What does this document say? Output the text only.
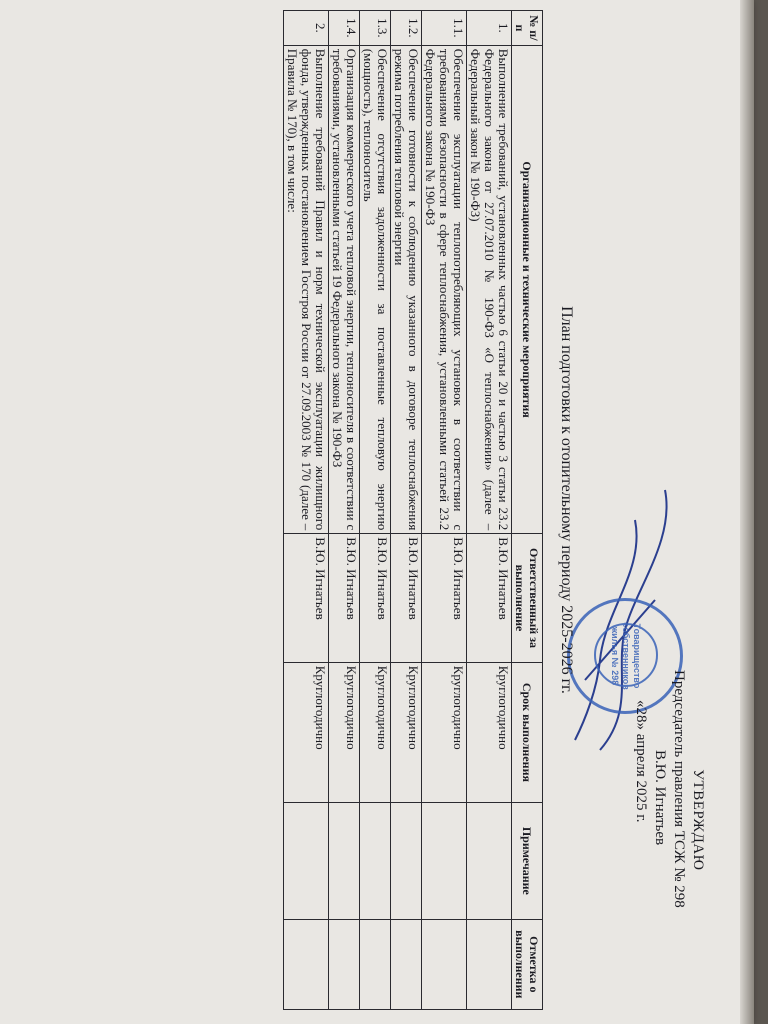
Товарищество
собственников
жилья № 298
УТВЕРЖДАЮ
Председатель правления ТСЖ № 298
В.Ю. Игнатьев
«28» апреля 2025 г.
План подготовки к отопительному периоду 2025-2026 гг.
№ п/п	Организационные и технические мероприятия	Ответственный за выполнение	Срок выполнения	Примечание	Отметка о выполнении
1.	Выполнение требований, установленных частью 6 статьи 20 и частью 3 статьи 23.2 Федерального закона от 27.07.2010 № 190-ФЗ «О теплоснабжении» (далее – Федеральный закон № 190-ФЗ)	В.Ю. Игнатьев	Круглогодично		
1.1.	Обеспечение эксплуатации теплопотребляющих установок в соответствии с требованиями безопасности в сфере теплоснабжения, установленными статьей 23.2 Федерального закона № 190-ФЗ	В.Ю. Игнатьев	Круглогодично		
1.2.	Обеспечение готовности к соблюдению указанного в договоре теплоснабжения режима потребления тепловой энергии	В.Ю. Игнатьев	Круглогодично		
1.3.	Обеспечение отсутствия задолженности за поставленные тепловую энергию (мощность), теплоноситель	В.Ю. Игнатьев	Круглогодично		
1.4.	Организация коммерческого учета тепловой энергии, теплоносителя в соответствии с требованиями, установленными статьей 19 Федерального закона № 190-ФЗ	В.Ю. Игнатьев	Круглогодично		
2.	Выполнение требований Правил и норм технической эксплуатации жилищного фонда, утвержденных постановлением Госстроя России от 27.09.2003 № 170 (далее – Правила № 170), в том числе:	В.Ю. Игнатьев	Круглогодично		
